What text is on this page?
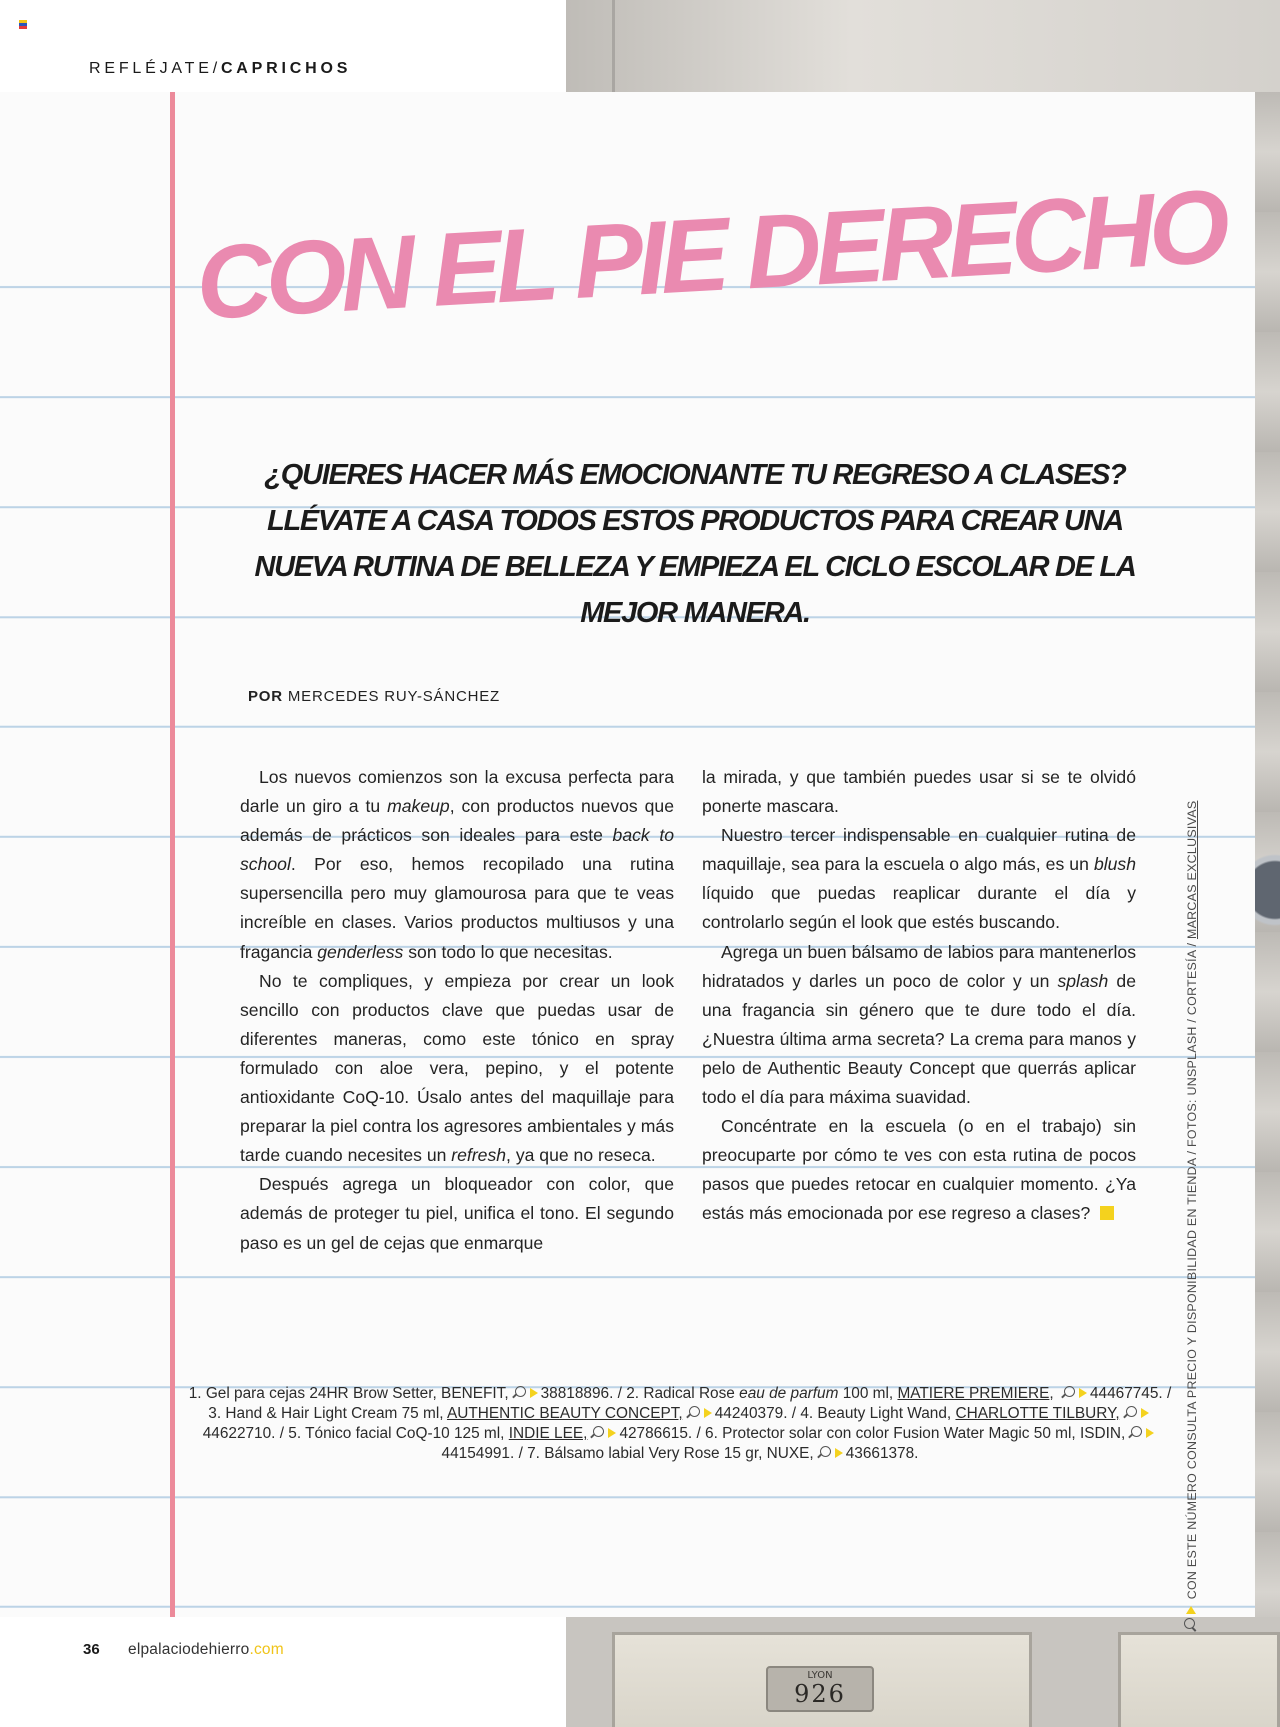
LYON
926
REFLÉJATE/CAPRICHOS
CON EL PIE DERECHO
¿QUIERES HACER MÁS EMOCIONANTE TU REGRESO A CLASES? LLÉVATE A CASA TODOS ESTOS PRODUCTOS PARA CREAR UNA NUEVA RUTINA DE BELLEZA Y EMPIEZA EL CICLO ESCOLAR DE LA MEJOR MANERA.
POR MERCEDES RUY-SÁNCHEZ

Los nuevos comienzos son la excusa perfecta para darle un giro a tu makeup, con productos nuevos que además de prácticos son ideales para este back to school. Por eso, hemos recopilado una rutina supersencilla pero muy glamourosa para que te veas increíble en clases. Varios productos multiusos y una fragancia genderless son todo lo que necesitas.

No te compliques, y empieza por crear un look sencillo con productos clave que puedas usar de diferentes maneras, como este tónico en spray formulado con aloe vera, pepino, y el potente antioxidante CoQ-10. Úsalo antes del maquillaje para preparar la piel contra los agresores ambientales y más tarde cuando necesites un refresh, ya que no reseca.

Después agrega un bloqueador con color, que además de proteger tu piel, unifica el tono. El segundo paso es un gel de cejas que enmarque

la mirada, y que también puedes usar si se te olvidó ponerte mascara.

Nuestro tercer indispensable en cualquier rutina de maquillaje, sea para la escuela o algo más, es un blush líquido que puedas reaplicar durante el día y controlarlo según el look que estés buscando.

Agrega un buen bálsamo de labios para mantenerlos hidratados y darles un poco de color y un splash de una fragancia sin género que te dure todo el día. ¿Nuestra última arma secreta? La crema para manos y pelo de Authentic Beauty Concept que querrás aplicar todo el día para máxima suavidad.

Concéntrate en la escuela (o en el trabajo) sin preocuparte por cómo te ves con esta rutina de pocos pasos que puedes retocar en cualquier momento. ¿Ya estás más emocionada por ese regreso a clases?

1. Gel para cejas 24HR Brow Setter, BENEFIT, 38818896. / 2. Radical Rose eau de parfum 100 ml, MATIERE PREMIERE, 44467745. / 3. Hand & Hair Light Cream 75 ml, AUTHENTIC BEAUTY CONCEPT, 44240379. / 4. Beauty Light Wand, CHARLOTTE TILBURY,44622710. / 5. Tónico facial CoQ-10 125 ml, INDIE LEE, 42786615. / 6. Protector solar con color Fusion Water Magic 50 ml, ISDIN,44154991. / 7. Bálsamo labial Very Rose 15 gr, NUXE, 43661378.	CON ESTE NÚMERO CONSULTA PRECIO Y DISPONIBILIDAD EN TIENDA / FOTOS: UNSPLASH / CORTESÍA / MARCAS EXCLUSIVAS
36 elpalaciodehierro.com
